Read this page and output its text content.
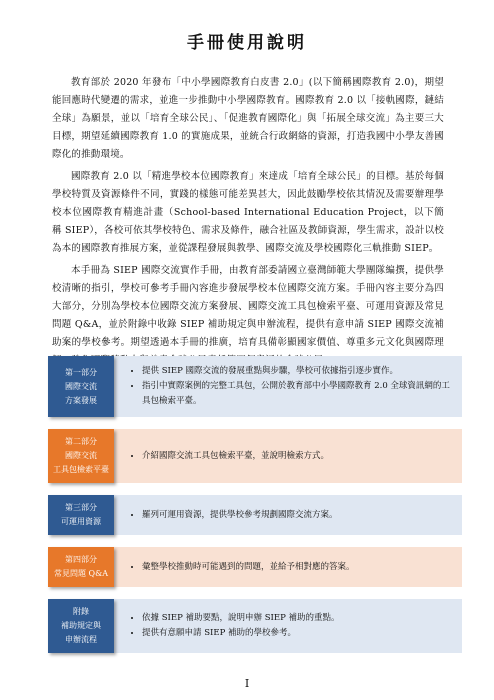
手冊使用說明

教育部於 2020 年發布「中小學國際教育白皮書 2.0」(以下簡稱國際教育 2.0)，期望能回應時代變遷的需求，並進一步推動中小學國際教育。國際教育 2.0 以「接軌國際，鏈結全球」為願景，並以「培育全球公民」、「促進教育國際化」與「拓展全球交流」為主要三大目標，期望延續國際教育 1.0 的實施成果，並統合行政網絡的資源，打造我國中小學友善國際化的推動環境。

國際教育 2.0 以「精進學校本位國際教育」來達成「培育全球公民」的目標。基於每個學校特質及資源條件不同，實踐的樣態可能差異甚大，因此鼓勵學校依其情況及需要辦理學校本位國際教育精進計畫（School-based International Education Project，以下簡稱 SIEP），各校可依其學校特色、需求及條件，融合社區及教師資源，學生需求，設計以校為本的國際教育推展方案，並從課程發展與教學、國際交流及學校國際化三軌推動 SIEP。

本手冊為 SIEP 國際交流實作手冊，由教育部委請國立臺灣師範大學團隊編撰，提供學校清晰的指引，學校可參考手冊內容進步發展學校本位國際交流方案。手冊內容主要分為四大部分，分別為學校本位國際交流方案發展、國際交流工具包檢索平臺、可運用資源及常見問題 Q&A，並於附錄中收錄 SIEP 補助規定與申辦流程，提供有意申請 SIEP 國際交流補助案的學校參考。期望透過本手冊的推廣，培育具備彰顯國家價值、尊重多元文化與國際理

第一部分
國際交流
方案發展
• 提供 SIEP 國際交流的發展重點與步驟，學校可依據指引逐步實作。
• 指引中實際案例的完整工具包，公開於教育部中小學國際教育 2.0 全球資訊網的工具包檢索平臺。
第二部分
國際交流
工具包檢索平臺
• 介紹國際交流工具包檢索平臺，並說明檢索方式。
第三部分
可運用資源
• 羅列可運用資源，提供學校參考規劃國際交流方案。
第四部分
常見問題 Q&A
• 彙整學校推動時可能遇到的問題，並給予相對應的答案。
附錄
補助規定與
申辦流程
• 依據 SIEP 補助要點，說明申辦 SIEP 補助的重點。
• 提供有意願申請 SIEP 補助的學校參考。
I
